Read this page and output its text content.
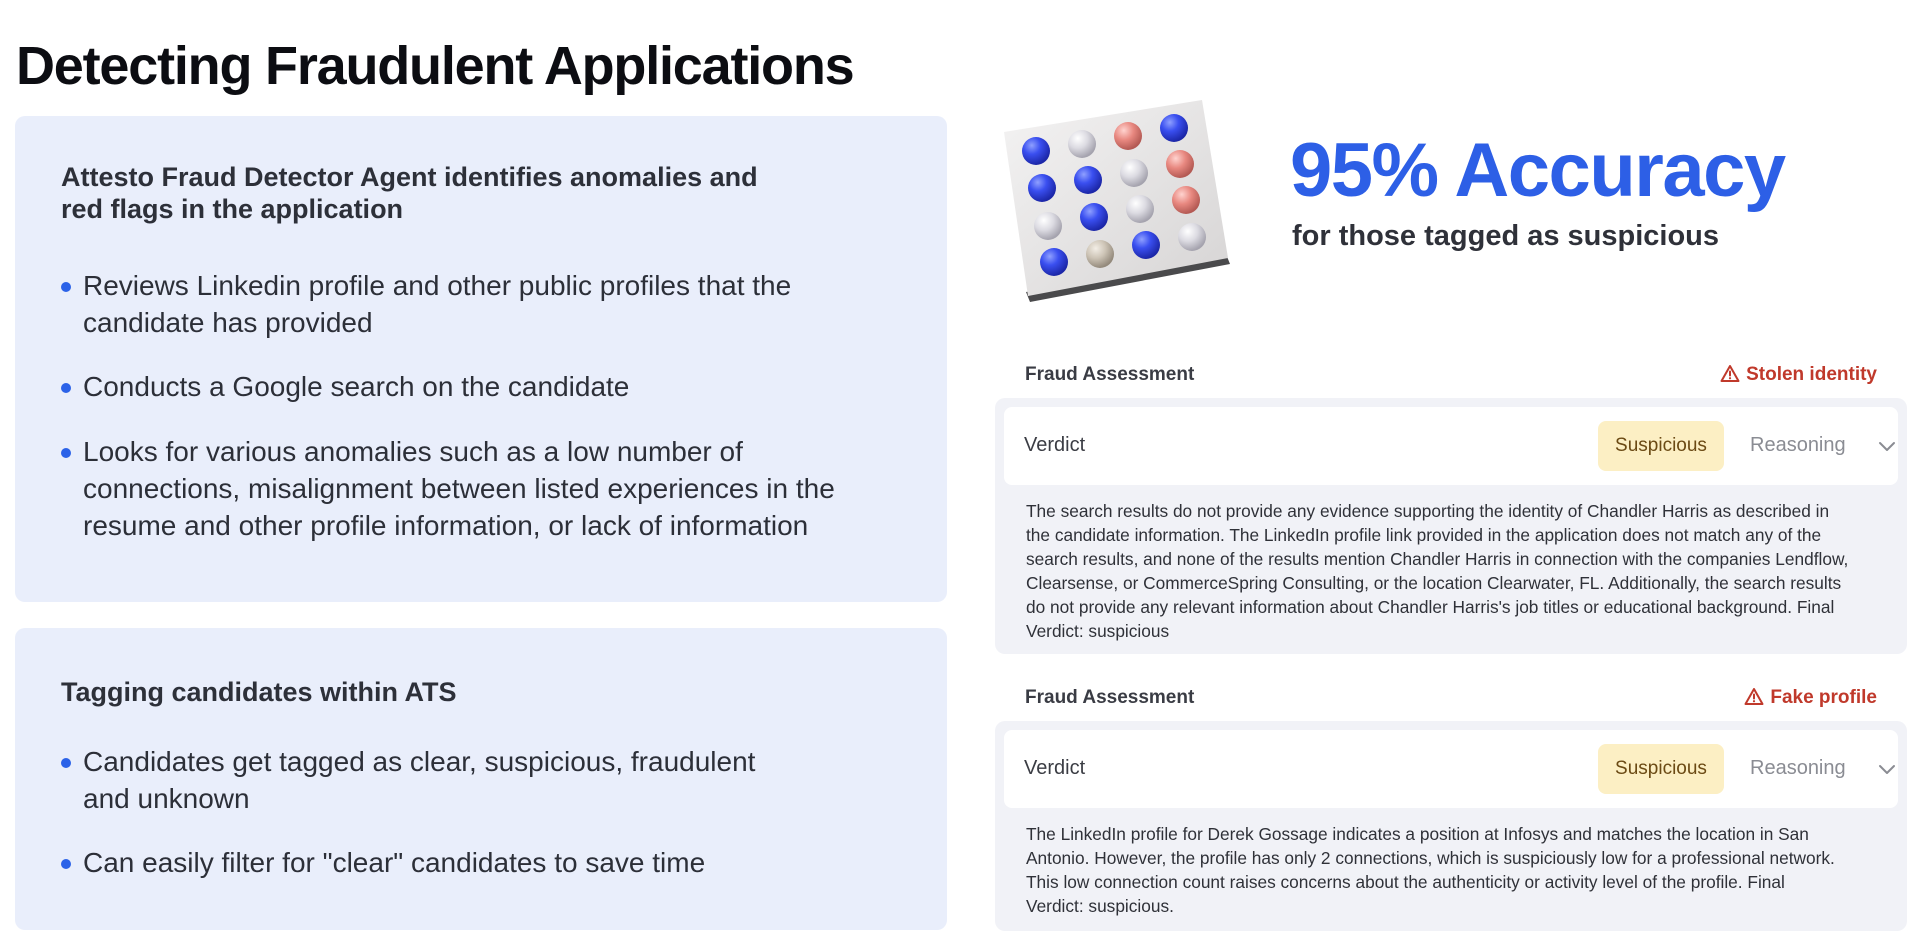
Detecting Fraudulent Applications
Attesto Fraud Detector Agent identifies anomalies and
red flags in the application
Reviews Linkedin profile and other public profiles that the
candidate has provided
Conducts a Google search on the candidate
Looks for various anomalies such as a low number of
connections, misalignment between listed experiences in the
resume and other profile information, or lack of information
Tagging candidates within ATS
Candidates get tagged as clear, suspicious, fraudulent
and unknown
Can easily filter for "clear" candidates to save time
95% Accuracy
for those tagged as suspicious
Fraud Assessment	Stolen identity
Verdict	Suspicious	Reasoning
The search results do not provide any evidence supporting the identity of Chandler Harris as described in
the candidate information. The LinkedIn profile link provided in the application does not match any of the
search results, and none of the results mention Chandler Harris in connection with the companies Lendflow,
Clearsense, or CommerceSpring Consulting, or the location Clearwater, FL. Additionally, the search results
do not provide any relevant information about Chandler Harris's job titles or educational background. Final
Verdict: suspicious
Fraud Assessment	Fake profile
Verdict	Suspicious	Reasoning
The LinkedIn profile for Derek Gossage indicates a position at Infosys and matches the location in San
Antonio. However, the profile has only 2 connections, which is suspiciously low for a professional network.
This low connection count raises concerns about the authenticity or activity level of the profile. Final
Verdict: suspicious.
